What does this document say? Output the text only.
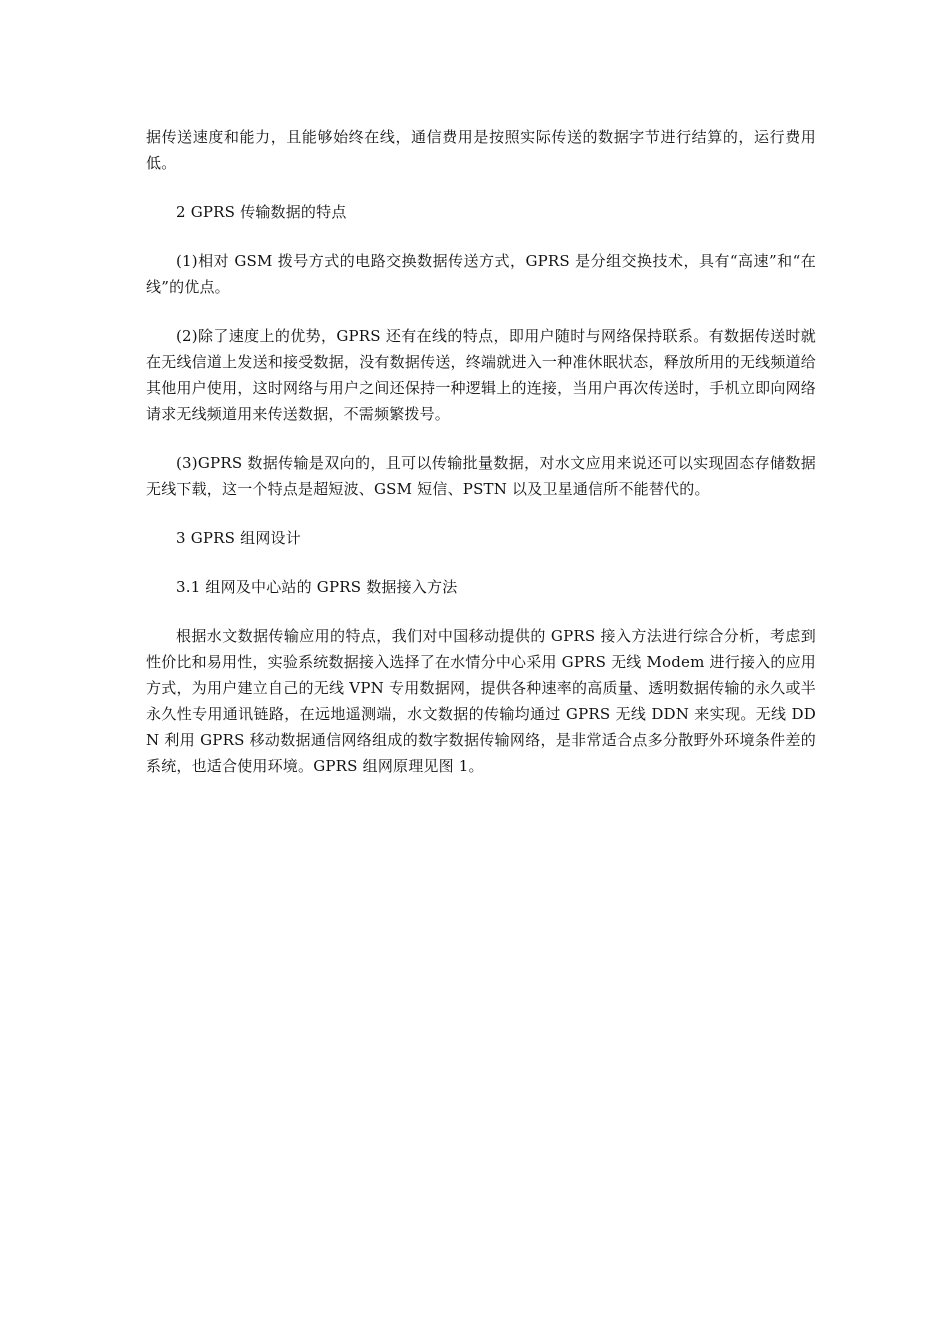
据传送速度和能力，且能够始终在线，通信费用是按照实际传送的数据字节进行结算的，运行费用低。

2 GPRS 传输数据的特点

(1)相对 GSM 拨号方式的电路交换数据传送方式，GPRS 是分组交换技术，具有“高速”和“在线”的优点。

(2)除了速度上的优势，GPRS 还有在线的特点，即用户随时与网络保持联系。有数据传送时就在无线信道上发送和接受数据，没有数据传送，终端就进入一种准休眠状态，释放所用的无线频道给其他用户使用，这时网络与用户之间还保持一种逻辑上的连接，当用户再次传送时，手机立即向网络请求无线频道用来传送数据，不需频繁拨号。

(3)GPRS 数据传输是双向的，且可以传输批量数据，对水文应用来说还可以实现固态存储数据无线下载，这一个特点是超短波、GSM 短信、PSTN 以及卫星通信所不能替代的。

3 GPRS 组网设计

3.1 组网及中心站的 GPRS 数据接入方法

根据水文数据传输应用的特点，我们对中国移动提供的 GPRS 接入方法进行综合分析，考虑到性价比和易用性，实验系统数据接入选择了在水情分中心采用 GPRS 无线 Modem 进行接入的应用方式，为用户建立自己的无线 VPN 专用数据网，提供各种速率的高质量、透明数据传输的永久或半永久性专用通讯链路，在远地遥测端，水文数据的传输均通过 GPRS 无线 DDN 来实现。无线 DDN 利用 GPRS 移动数据通信网络组成的数字数据传输网络，是非常适合点多分散野外环境条件差的系统，也适合使用环境。GPRS 组网原理见图 1。
